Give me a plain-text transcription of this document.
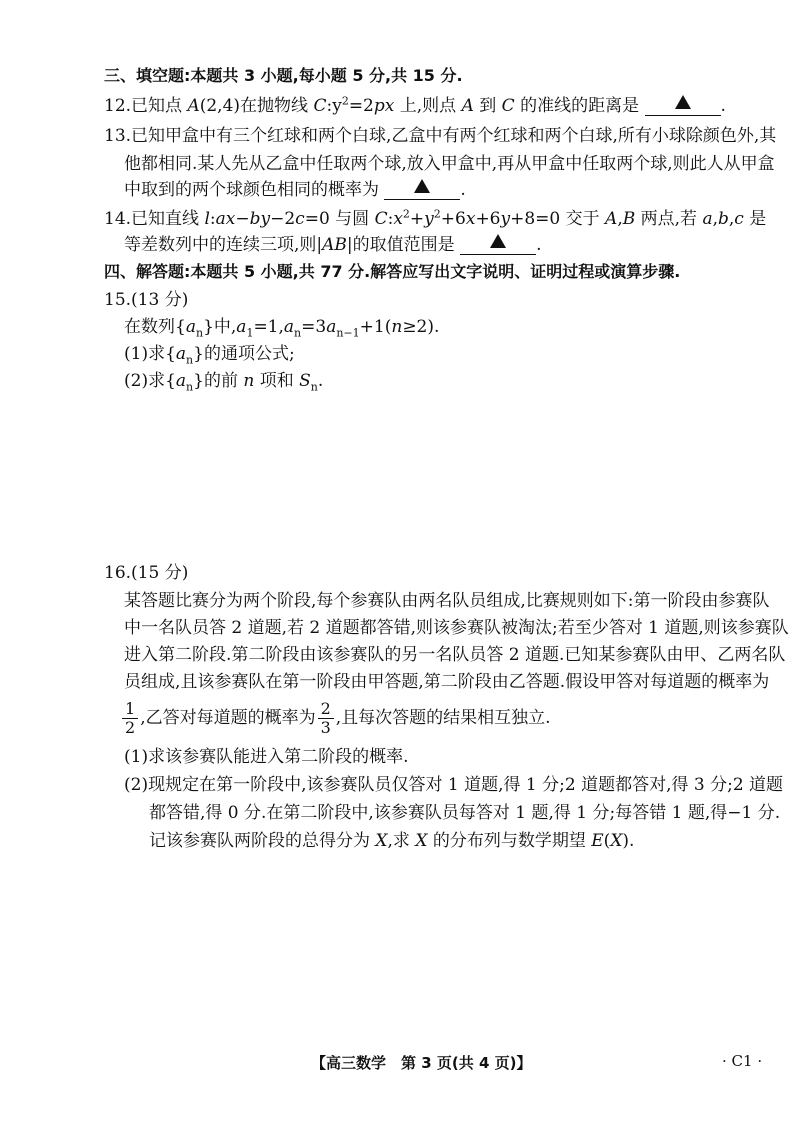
三、填空题:本题共 3 小题,每小题 5 分,共 15 分.
12.已知点 A(2,4)在抛物线 $C:y^2=2px$ 上,则点 A 到 C 的准线的距离是	.
13.已知甲盒中有三个红球和两个白球,乙盒中有两个红球和两个白球,所有小球除颜色外,其
他都相同.某人先从乙盒中任取两个球,放入甲盒中,再从甲盒中任取两个球,则此人从甲盒
中取到的两个球颜色相同的概率为	.
14.已知直线 l:ax−by−2c=0 与圆 $C:x^2+y^2+6x+6y+8=0$ 交于 A,B 两点,若 a,b,c 是
等差数列中的连续三项,则|AB|的取值范围是	.
四、解答题:本题共 5 小题,共 77 分.解答应写出文字说明、证明过程或演算步骤.
15.(13 分)
在数列$\{a_n\}$中$,a_1=1,a_n=3a_{n-1}+1(n\ge 2)$.
(1)求$\{a_n\}$的通项公式;
(2)求$\{a_n\}$的前 n 项和 $S_n$.
16.(15 分)
某答题比赛分为两个阶段,每个参赛队由两名队员组成,比赛规则如下:第一阶段由参赛队
中一名队员答 2 道题,若 2 道题都答错,则该参赛队被淘汰;若至少答对 1 道题,则该参赛队
进入第二阶段.第二阶段由该参赛队的另一名队员答 2 道题.已知某参赛队由甲、乙两名队
员组成,且该参赛队在第一阶段由甲答题,第二阶段由乙答题.假设甲答对每道题的概率为
$\frac{1}{2}$ ,乙答对每道题的概率为 $\frac{2}{3}$ ,且每次答题的结果相互独立.
(1)求该参赛队能进入第二阶段的概率.
(2)现规定在第一阶段中,该参赛队员仅答对 1 道题,得 1 分;2 道题都答对,得 3 分;2 道题
都答错,得 0 分.在第二阶段中,该参赛队员每答对 1 题,得 1 分;每答错 1 题,得−1 分.
记该参赛队两阶段的总得分为 X,求 X 的分布列与数学期望 E(X).
【高三数学　第 3 页(共 4 页)】	· C1 ·
